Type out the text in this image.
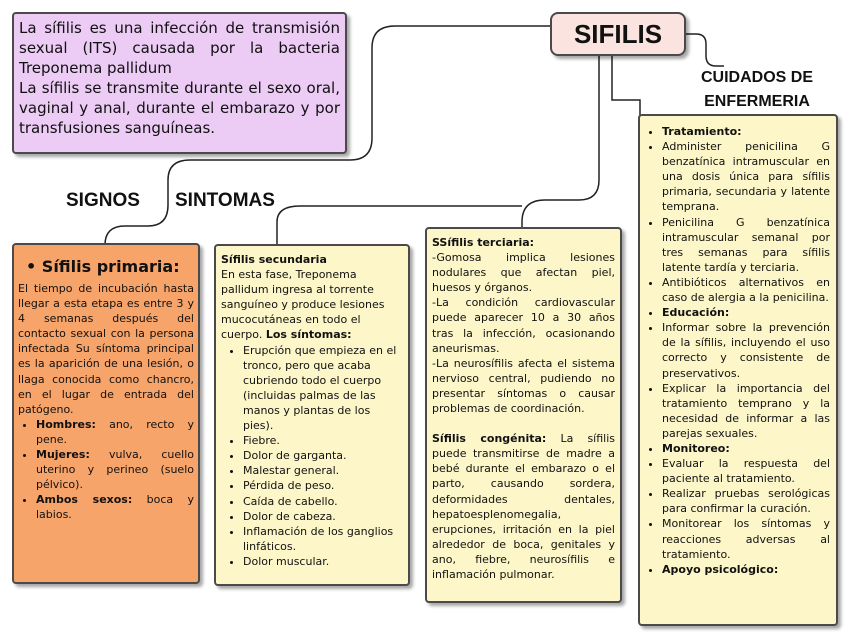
SIFILIS

La sífilis es una infección de transmisión sexual (ITS) causada por la bacteria Treponema pallidum

La sífilis se transmite durante el sexo oral, vaginal y anal, durante el embarazo y por transfusiones sanguíneas.

SIGNOS SINTOMAS
CUIDADOS DE ENFERMERIA
• Sífilis primaria:

El tiempo de incubación hasta llegar a esta etapa es entre 3 y 4 semanas después del contacto sexual con la persona infectada Su síntoma principal es la aparición de una lesión, o llaga conocida como chancro, en el lugar de entrada del patógeno.

• Hombres: ano, recto y pene.
• Mujeres: vulva, cuello uterino y perineo (suelo pélvico).
• Ambos sexos: boca y labios.

Sífilis secundaria

En esta fase, Treponema pallidum ingresa al torrente sanguíneo y produce lesiones mucocutáneas en todo el cuerpo. Los síntomas:

• Erupción que empieza en el tronco, pero que acaba cubriendo todo el cuerpo (incluidas palmas de las manos y plantas de los pies).
• Fiebre.
• Dolor de garganta.
• Malestar general.
• Pérdida de peso.
• Caída de cabello.
• Dolor de cabeza.
• Inflamación de los ganglios linfáticos.
• Dolor muscular.

SSífilis terciaria:

-Gomosa implica lesiones nodulares que afectan piel, huesos y órganos.

-La condición cardiovascular puede aparecer 10 a 30 años tras la infección, ocasionando aneurismas.

-La neurosífilis afecta el sistema nervioso central, pudiendo no presentar síntomas o causar problemas de coordinación.

Sífilis congénita: La sífilis puede transmitirse de madre a bebé durante el embarazo o el parto, causando sordera, deformidades dentales, hepatoesplenomegalia, erupciones, irritación en la piel alrededor de boca, genitales y ano, fiebre, neurosífilis e inflamación pulmonar.

• Tratamiento:
• Administer penicilina G benzatínica intramuscular en una dosis única para sífilis primaria, secundaria y latente temprana.
• Penicilina G benzatínica intramuscular semanal por tres semanas para sífilis latente tardía y terciaria.
• Antibióticos alternativos en caso de alergia a la penicilina.
• Educación:
• Informar sobre la prevención de la sífilis, incluyendo el uso correcto y consistente de preservativos.
• Explicar la importancia del tratamiento temprano y la necesidad de informar a las parejas sexuales.
• Monitoreo:
• Evaluar la respuesta del paciente al tratamiento.
• Realizar pruebas serológicas para confirmar la curación.
• Monitorear los síntomas y reacciones adversas al tratamiento.
• Apoyo psicológico:
